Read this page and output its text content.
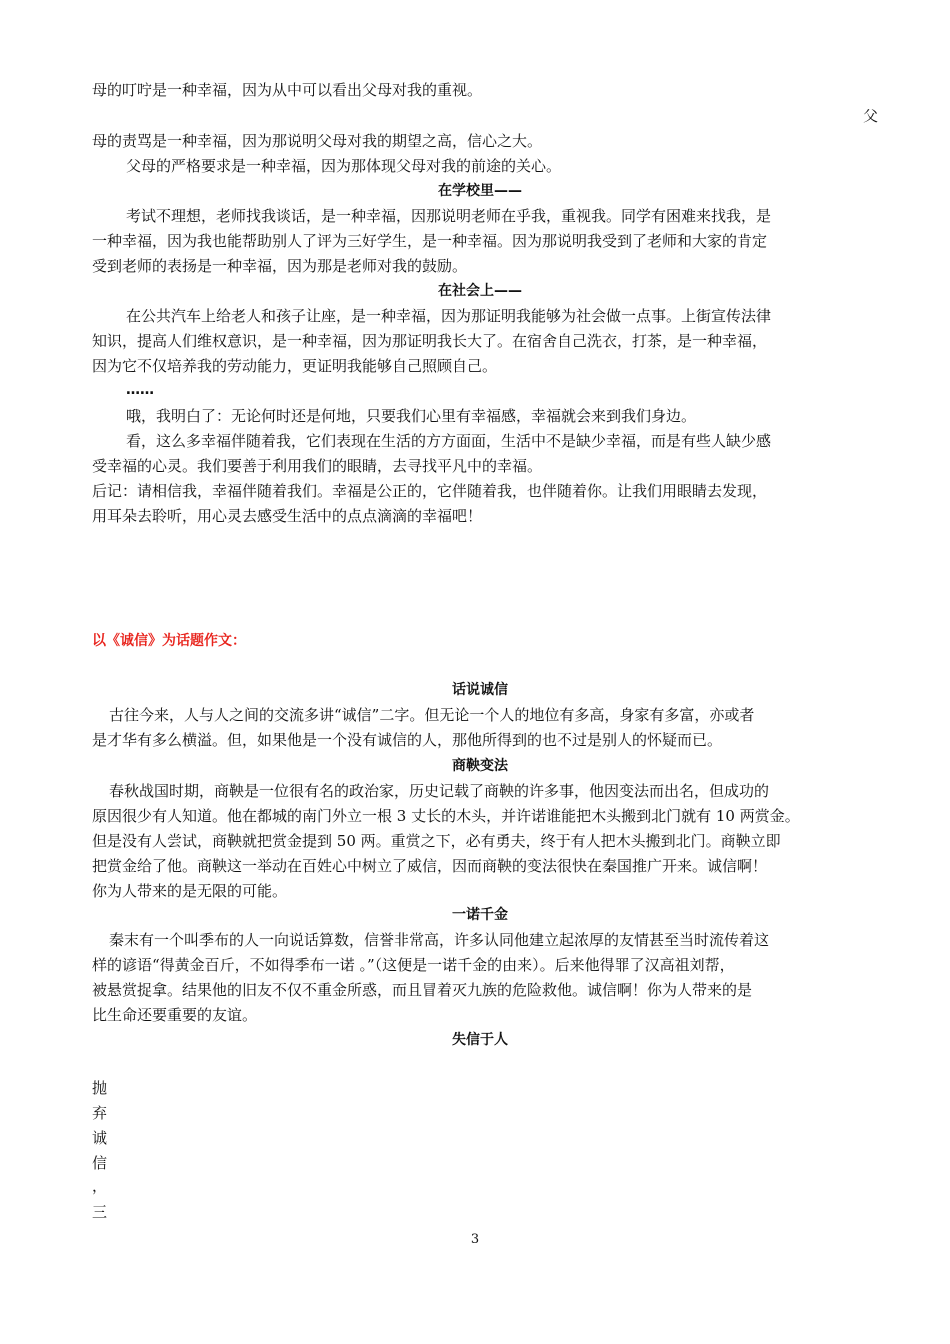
母的叮咛是一种幸福，因为从中可以看出父母对我的重视。
父
母的责骂是一种幸福，因为那说明父母对我的期望之高，信心之大。
父母的严格要求是一种幸福，因为那体现父母对我的前途的关心。
在学校里——
考试不理想，老师找我谈话，是一种幸福，因那说明老师在乎我，重视我。同学有困难来找我，是
一种幸福，因为我也能帮助别人了评为三好学生，是一种幸福。因为那说明我受到了老师和大家的肯定
受到老师的表扬是一种幸福，因为那是老师对我的鼓励。
在社会上——
在公共汽车上给老人和孩子让座，是一种幸福，因为那证明我能够为社会做一点事。上街宣传法律
知识，提高人们维权意识，是一种幸福，因为那证明我长大了。在宿舍自己洗衣，打茶，是一种幸福，
因为它不仅培养我的劳动能力，更证明我能够自己照顾自己。
……
哦，我明白了：无论何时还是何地，只要我们心里有幸福感，幸福就会来到我们身边。
看，这么多幸福伴随着我，它们表现在生活的方方面面，生活中不是缺少幸福，而是有些人缺少感
受幸福的心灵。我们要善于利用我们的眼睛，去寻找平凡中的幸福。
后记：请相信我，幸福伴随着我们。幸福是公正的，它伴随着我，也伴随着你。让我们用眼睛去发现，
用耳朵去聆听，用心灵去感受生活中的点点滴滴的幸福吧！
以《诚信》为话题作文：
话说诚信
古往今来，人与人之间的交流多讲“诚信”二字。但无论一个人的地位有多高，身家有多富，亦或者
是才华有多么横溢。但，如果他是一个没有诚信的人，那他所得到的也不过是别人的怀疑而已。
商鞅变法
春秋战国时期，商鞅是一位很有名的政治家，历史记载了商鞅的许多事，他因变法而出名，但成功的
原因很少有人知道。他在都城的南门外立一根 3 丈长的木头，并许诺谁能把木头搬到北门就有 10 两赏金。
但是没有人尝试，商鞅就把赏金提到 50 两。重赏之下，必有勇夫，终于有人把木头搬到北门。商鞅立即
把赏金给了他。商鞅这一举动在百姓心中树立了威信，因而商鞅的变法很快在秦国推广开来。诚信啊！
你为人带来的是无限的可能。
一诺千金
秦末有一个叫季布的人一向说话算数，信誉非常高，许多认同他建立起浓厚的友情甚至当时流传着这
样的谚语“得黄金百斤，不如得季布一诺 。”（这便是一诺千金的由来）。后来他得罪了汉高祖刘帮，
被悬赏捉拿。结果他的旧友不仅不重金所惑，而且冒着灭九族的危险救他。诚信啊！你为人带来的是
比生命还要重要的友谊。
失信于人
抛
弃
诚
信
，
三
3
